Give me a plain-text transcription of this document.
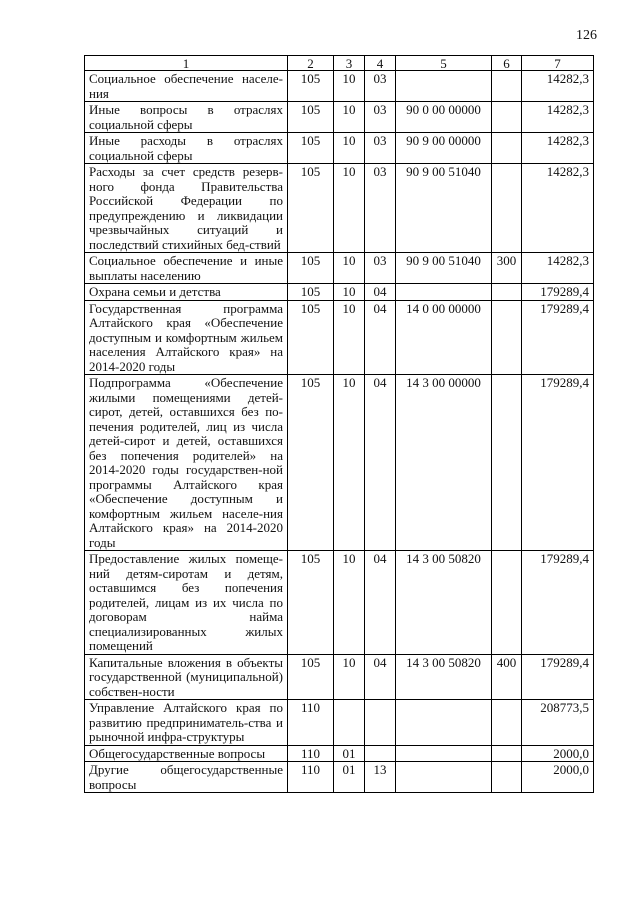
126
1	2	3	4	5	6	7
Социальное обеспечение населе-ния	105	10	03			14282,3
Иные вопросы в отраслях социальной сферы	105	10	03	90 0 00 00000		14282,3
Иные расходы в отраслях социальной сферы	105	10	03	90 9 00 00000		14282,3
Расходы за счет средств резерв-ного фонда Правительства Российской Федерации по предупреждению и ликвидации чрезвычайных ситуаций и последствий стихийных бед-ствий	105	10	03	90 9 00 51040		14282,3
Социальное обеспечение и иные выплаты населению	105	10	03	90 9 00 51040	300	14282,3
Охрана семьи и детства	105	10	04			179289,4
Государственная программа Алтайского края «Обеспечение доступным и комфортным жильем населения Алтайского края» на 2014-2020 годы	105	10	04	14 0 00 00000		179289,4
Подпрограмма «Обеспечение жилыми помещениями детей-сирот, детей, оставшихся без по-печения родителей, лиц из числа детей-сирот и детей, оставшихся без попечения родителей» на 2014-2020 годы государствен-ной программы Алтайского края «Обеспечение доступным и комфортным жильем населе-ния Алтайского края» на 2014-2020 годы	105	10	04	14 3 00 00000		179289,4
Предоставление жилых помеще-ний детям-сиротам и детям, оставшимся без попечения родителей, лицам из их числа по договорам найма специализированных жилых помещений	105	10	04	14 3 00 50820		179289,4
Капитальные вложения в объекты государственной (муниципальной) собствен-ности	105	10	04	14 3 00 50820	400	179289,4
Управление Алтайского края по развитию предприниматель-ства и рыночной инфра-структуры	110					208773,5
Общегосударственные вопросы	110	01				2000,0
Другие общегосударственные вопросы	110	01	13			2000,0
